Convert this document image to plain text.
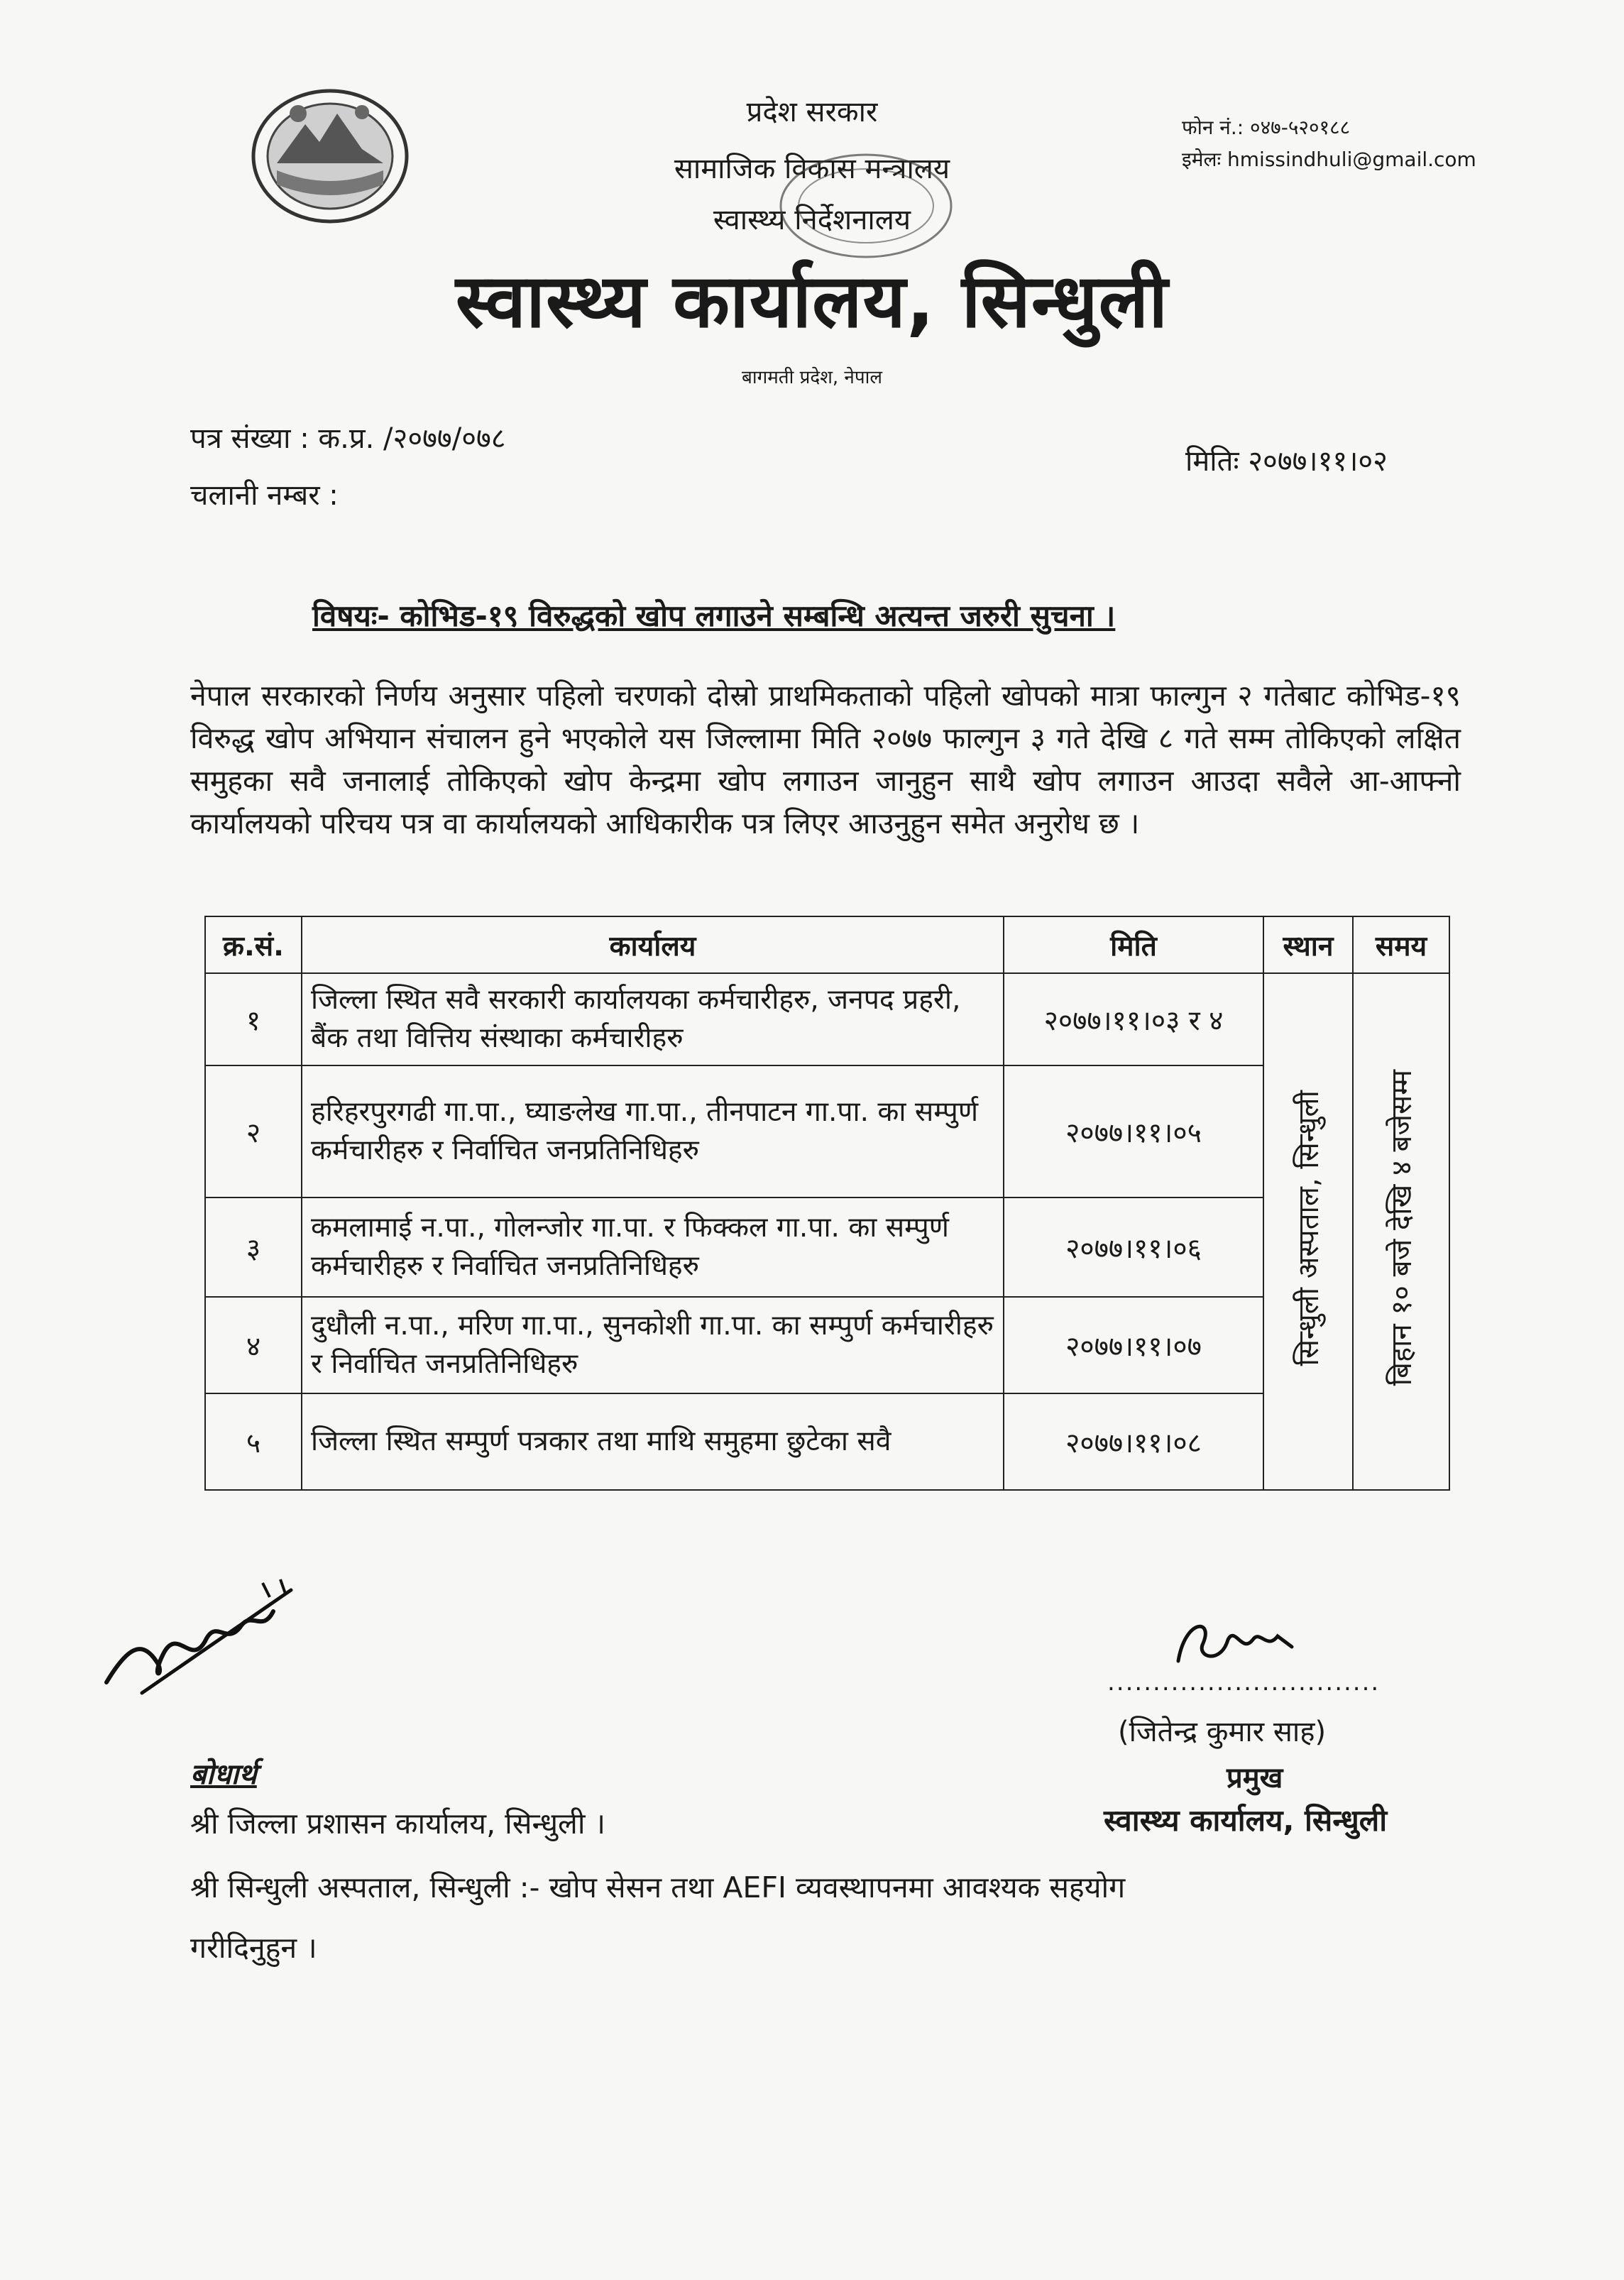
प्रदेश सरकार
सामाजिक विकास मन्त्रालय
स्वास्थ्य निर्देशनालय
स्वास्थ्य कार्यालय, सिन्धुली
बागमती प्रदेश, नेपाल
फोन नं.: ०४७-५२०१८८
इमेलः hmissindhuli@gmail.com
पत्र संख्या : क.प्र. /२०७७/०७८
चलानी नम्बर :
मितिः २०७७।११।०२
विषयः- कोभिड-१९ विरुद्धको खोप लगाउने सम्बन्धि अत्यन्त जरुरी सुचना ।
नेपाल सरकारको निर्णय अनुसार पहिलो चरणको दोस्रो प्राथमिकताको पहिलो खोपको मात्रा फाल्गुन २ गतेबाट कोभिड-१९ विरुद्ध खोप अभियान संचालन हुने भएकोले यस जिल्लामा मिति २०७७ फाल्गुन ३ गते देखि ८ गते सम्म तोकिएको लक्षित समुहका सवै जनालाई तोकिएको खोप केन्द्रमा खोप लगाउन जानुहुन साथै खोप लगाउन आउदा सवैले आ-आफ्नो कार्यालयको परिचय पत्र वा कार्यालयको आधिकारीक पत्र लिएर आउनुहुन समेत अनुरोध छ ।
क्र.सं.	कार्यालय	मिति	स्थान	समय
१	जिल्ला स्थित सवै सरकारी कार्यालयका कर्मचारीहरु, जनपद प्रहरी, बैंक तथा वित्तिय संस्थाका कर्मचारीहरु	२०७७।११।०३ र ४	सिन्धुली अस्पताल, सिन्धुली	बिहान १० बजे देखि ४ बजेसम्म
२	हरिहरपुरगढी गा.पा., घ्याङलेख गा.पा., तीनपाटन गा.पा. का सम्पुर्ण कर्मचारीहरु र निर्वाचित जनप्रतिनिधिहरु	२०७७।११।०५		
३	कमलामाई न.पा., गोलन्जोर गा.पा. र फिक्कल गा.पा. का सम्पुर्ण कर्मचारीहरु र निर्वाचित जनप्रतिनिधिहरु	२०७७।११।०६		
४	दुधौली न.पा., मरिण गा.पा., सुनकोशी गा.पा. का सम्पुर्ण कर्मचारीहरु र निर्वाचित जनप्रतिनिधिहरु	२०७७।११।०७		
५	जिल्ला स्थित सम्पुर्ण पत्रकार तथा माथि समुहमा छुटेका सवै	२०७७।११।०८		
..............................
(जितेन्द्र कुमार साह)
प्रमुख
स्वास्थ्य कार्यालय, सिन्धुली
बोधार्थ
श्री जिल्ला प्रशासन कार्यालय, सिन्धुली ।
श्री सिन्धुली अस्पताल, सिन्धुली :- खोप सेसन तथा AEFI व्यवस्थापनमा आवश्यक सहयोग
गरीदिनुहुन ।
